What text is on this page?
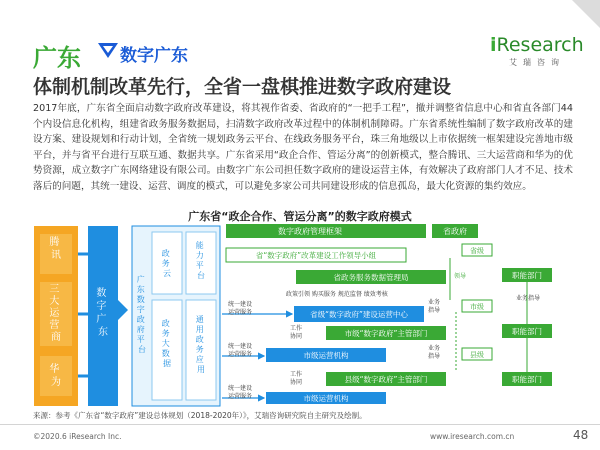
广东 数字广东	iResearch
艾瑞咨询
体制机制改革先行，全省一盘棋推进数字政府建设
2017年底，广东省全面启动数字政府改革建设，将其视作省委、省政府的“一把手工程”，撤并调整省信息中心和省直各部门44个内设信息化机构，组建省政务服务数据局，扫清数字政府改革过程中的体制机制障碍。广东省系统性编制了数字政府改革的建设方案、建设规划和行动计划，全省统一规划政务云平台、在线政务服务平台，珠三角地级以上市依据统一框架建设完善地市级平台，并与省平台进行互联互通、数据共享。广东省采用“政企合作、管运分离”的创新模式，整合腾讯、三大运营商和华为的优势资源，成立数字广东网络建设有限公司。由数字广东公司担任数字政府的建设运营主体，有效解决了政府部门人才不足、技术落后的问题，其统一建设、运营、调度的模式，可以避免多家公司共同建设形成的信息孤岛，最大化资源的集约效应。
广东省“政企合作、管运分离”的数字政府模式
腾 讯
三 大 运 营 商
华 为
数 字 广 东
广 东 数 字 政 府 平 台
政 务 云
能 力 平 台
政 务 大 数 据
通 用 政 务 应 用
数字政府管理框架	省政府
省“数字政府”改革建设工作领导小组	省级
省政务服务数据管理局	领导	职能部门
政策引领 购买服务 规范监督 绩效考核
统一建设 运营服务	省级“数字政府”建设运营中心
业务 指导	市级
业务指导
工作 协同	市级“数字政府”主管部门	职能部门
统一建设 运营服务	市级运营机构
业务 指导	县级
工作 协同	县级“数字政府”主管部门	职能部门
统一建设 运营服务	市级运营机构
来源：参考《广东省“数字政府”建设总体规划（2018-2020年）》，艾瑞咨询研究院自主研究及绘制。
©2020.6 iResearch Inc.	www.iresearch.com.cn	48
